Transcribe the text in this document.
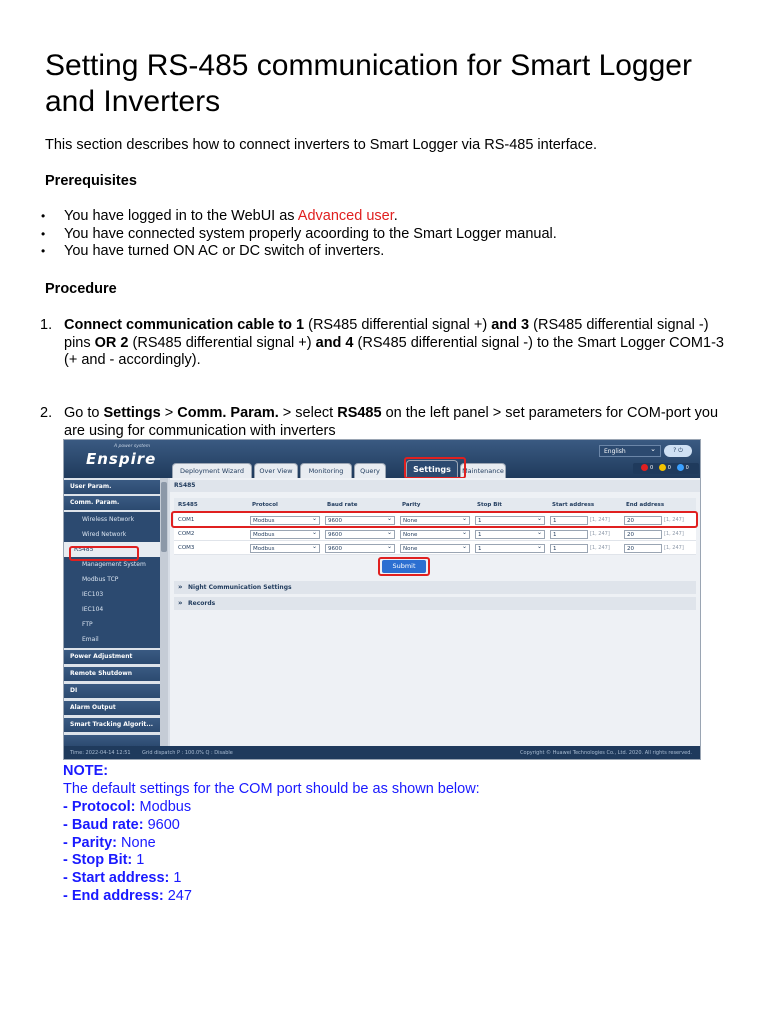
Setting RS-485 communication for Smart Logger and Inverters
This section describes how to connect inverters to Smart Logger via RS-485 interface.
Prerequisites
• You have logged in to the WebUI as Advanced user.
• You have connected system properly acoording to the Smart Logger manual.
• You have turned ON AC or DC switch of inverters.
Procedure
1. Connect communication cable to 1 (RS485 differential signal +) and 3 (RS485 differential signal -) pins OR 2 (RS485 differential signal +) and 4 (RS485 differential signal -) to the Smart Logger COM1-3 (+ and - accordingly).
2. Go to Settings > Comm. Param. > select RS485 on the left panel > set parameters for COM-port you are using for communication with inverters
A power system
Enspire	English ⌄	? ⏻
Deployment Wizard	Over View	Monitoring	Query	Settings	Maintenance	0	0	0
User Param.
Comm. Param.
Wireless Network
Wired Network
RS485
Management System
Modbus TCP
IEC103
IEC104
FTP
Email
Power Adjustment
Remote Shutdown
DI
Alarm Output
Smart Tracking Algorit...
RS485
RS485	Protocol	Baud rate	Parity	Stop Bit	Start address	End address
COM1	Modbus ⌄	9600 ⌄	None ⌄	1 ⌄	1	[1, 247]	20	[1, 247]
COM2	Modbus ⌄	9600 ⌄	None ⌄	1 ⌄	1	[1, 247]	20	[1, 247]
COM3	Modbus ⌄	9600 ⌄	None ⌄	1 ⌄	1	[1, 247]	20	[1, 247]
Submit
» Night Communication Settings
» Records
Time: 2022-04-14 12:51 Grid dispatch P : 100.0% Q : Disable	Copyright © Huawei Technologies Co., Ltd. 2020. All rights reserved.
NOTE:
The default settings for the COM port should be as shown below:
- Protocol: Modbus
- Baud rate: 9600
- Parity: None
- Stop Bit: 1
- Start address: 1
- End address: 247
